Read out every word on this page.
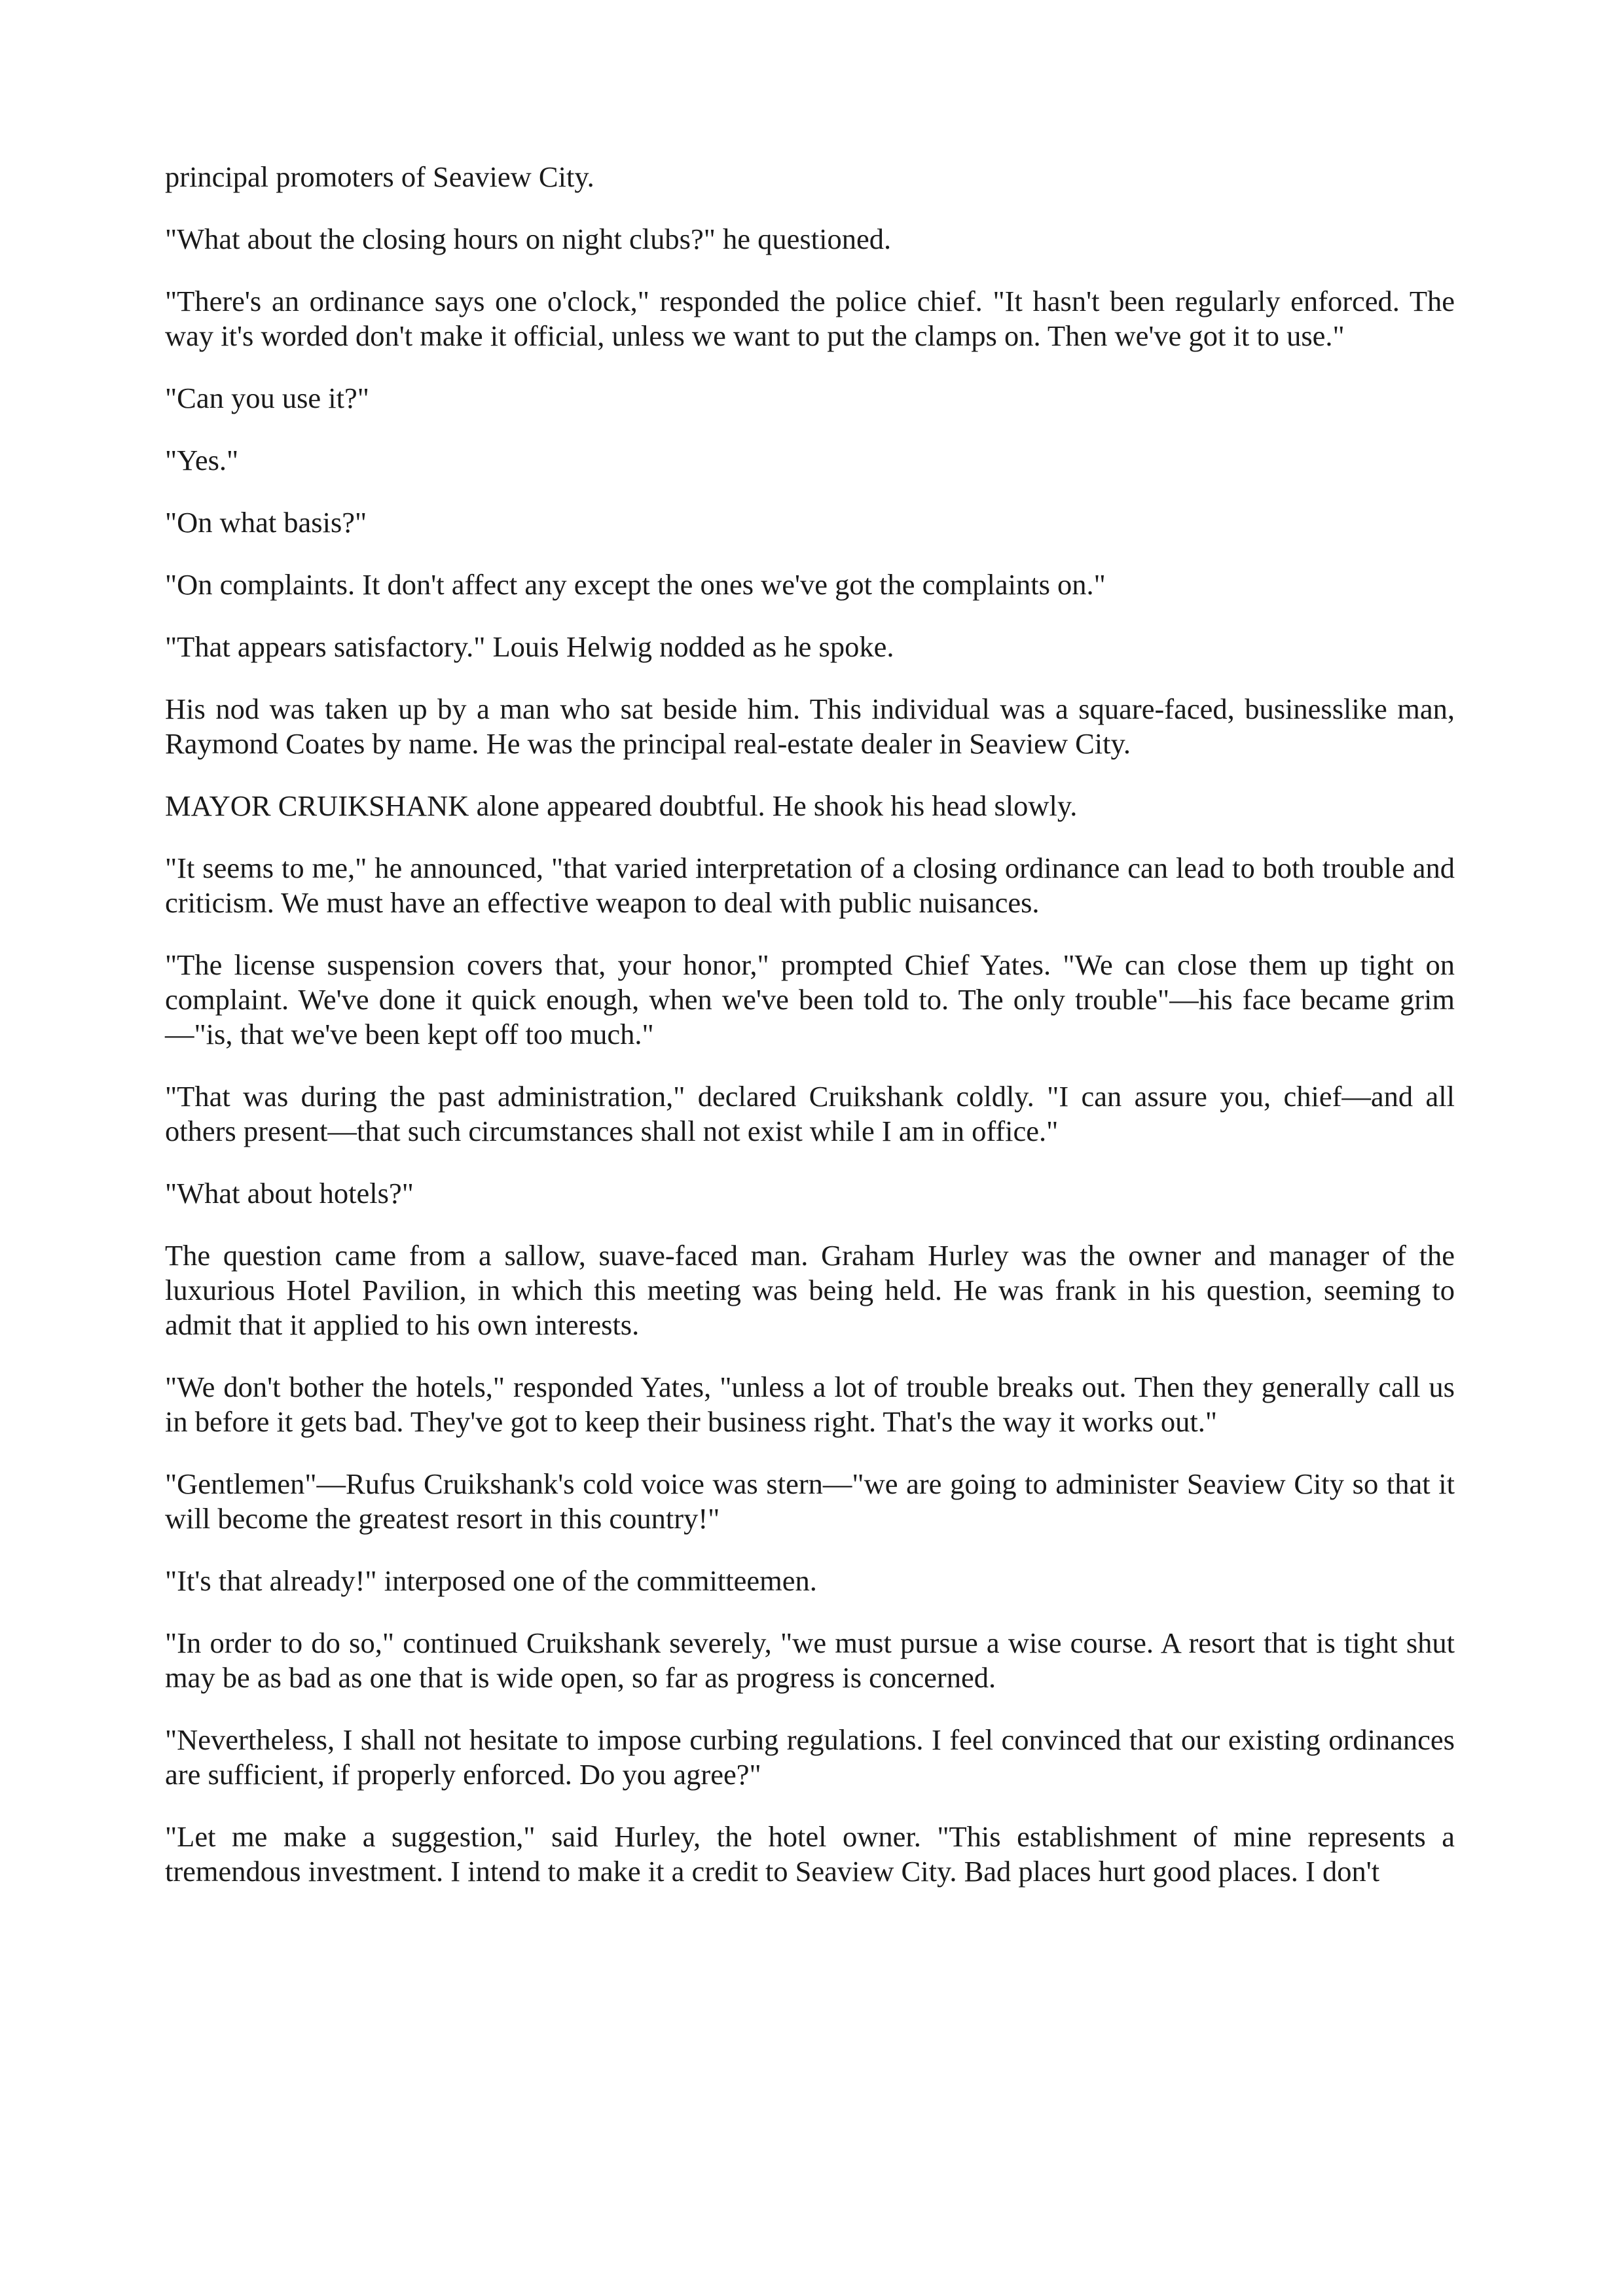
principal promoters of Seaview City.

"What about the closing hours on night clubs?" he questioned.

"There's an ordinance says one o'clock," responded the police chief. "It hasn't been regularly enforced. The way it's worded don't make it official, unless we want to put the clamps on. Then we've got it to use."

"Can you use it?"

"Yes."

"On what basis?"

"On complaints. It don't affect any except the ones we've got the complaints on."

"That appears satisfactory." Louis Helwig nodded as he spoke.

His nod was taken up by a man who sat beside him. This individual was a square-faced, businesslike man, Raymond Coates by name. He was the principal real-estate dealer in Seaview City.

MAYOR CRUIKSHANK alone appeared doubtful. He shook his head slowly.

"It seems to me," he announced, "that varied interpretation of a closing ordinance can lead to both trouble and criticism. We must have an effective weapon to deal with public nuisances.

"The license suspension covers that, your honor," prompted Chief Yates. "We can close them up tight on complaint. We've done it quick enough, when we've been told to. The only trouble"—his face became grim—"is, that we've been kept off too much."

"That was during the past administration," declared Cruikshank coldly. "I can assure you, chief—and all others present—that such circumstances shall not exist while I am in office."

"What about hotels?"

The question came from a sallow, suave-faced man. Graham Hurley was the owner and manager of the luxurious Hotel Pavilion, in which this meeting was being held. He was frank in his question, seeming to admit that it applied to his own interests.

"We don't bother the hotels," responded Yates, "unless a lot of trouble breaks out. Then they generally call us in before it gets bad. They've got to keep their business right. That's the way it works out."

"Gentlemen"—Rufus Cruikshank's cold voice was stern—"we are going to administer Seaview City so that it will become the greatest resort in this country!"

"It's that already!" interposed one of the committeemen.

"In order to do so," continued Cruikshank severely, "we must pursue a wise course. A resort that is tight shut may be as bad as one that is wide open, so far as progress is concerned.

"Nevertheless, I shall not hesitate to impose curbing regulations. I feel convinced that our existing ordinances are sufficient, if properly enforced. Do you agree?"

"Let me make a suggestion," said Hurley, the hotel owner. "This establishment of mine represents a tremendous investment. I intend to make it a credit to Seaview City. Bad places hurt good places. I don't
